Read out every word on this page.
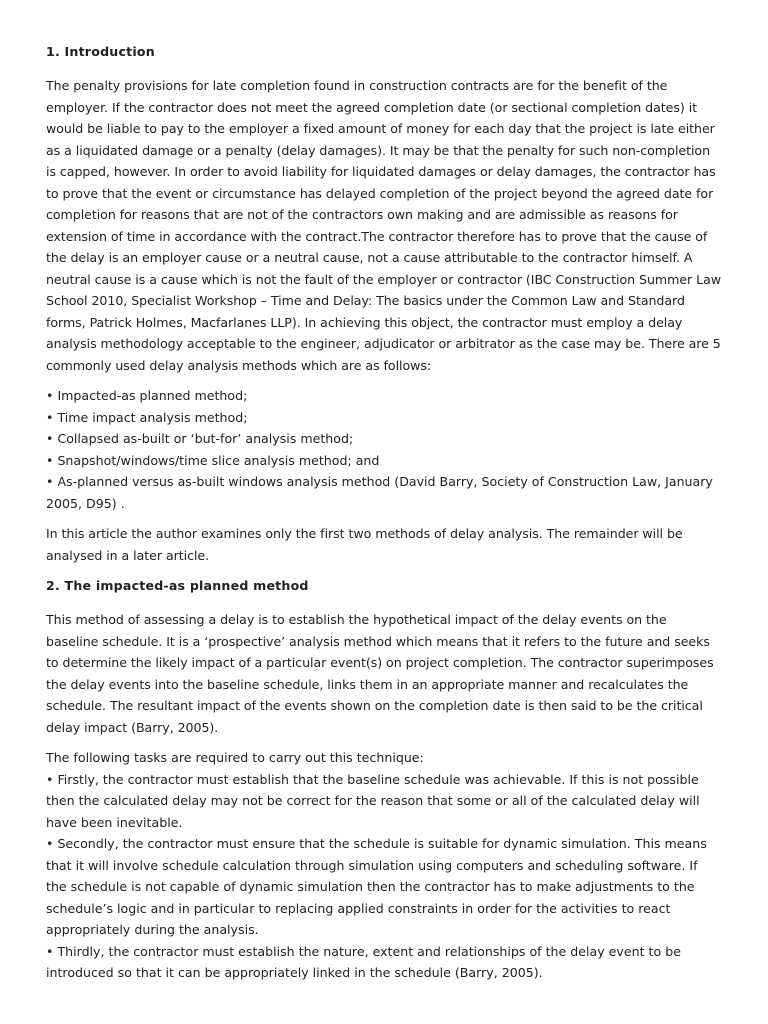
1. Introduction

The penalty provisions for late completion found in construction contracts are for the benefit of the employer. If the contractor does not meet the agreed completion date (or sectional completion dates) it would be liable to pay to the employer a fixed amount of money for each day that the project is late either as a liquidated damage or a penalty (delay damages). It may be that the penalty for such non-completion is capped, however. In order to avoid liability for liquidated damages or delay damages, the contractor has to prove that the event or circumstance has delayed completion of the project beyond the agreed date for completion for reasons that are not of the contractors own making and are admissible as reasons for extension of time in accordance with the contract.The contractor therefore has to prove that the cause of the delay is an employer cause or a neutral cause, not a cause attributable to the contractor himself. A neutral cause is a cause which is not the fault of the employer or contractor (IBC Construction Summer Law School 2010, Specialist Workshop – Time and Delay: The basics under the Common Law and Standard forms, Patrick Holmes, Macfarlanes LLP). In achieving this object, the contractor must employ a delay analysis methodology acceptable to the engineer, adjudicator or arbitrator as the case may be. There are 5 commonly used delay analysis methods which are as follows:

• Impacted-as planned method;
• Time impact analysis method;
• Collapsed as-built or ‘but-for’ analysis method;
• Snapshot/windows/time slice analysis method; and
• As-planned versus as-built windows analysis method (David Barry, Society of Construction Law, January 2005, D95) .

In this article the author examines only the first two methods of delay analysis. The remainder will be analysed in a later article.

2. The impacted-as planned method

This method of assessing a delay is to establish the hypothetical impact of the delay events on the baseline schedule. It is a ‘prospective’ analysis method which means that it refers to the future and seeks to determine the likely impact of a particular event(s) on project completion. The contractor superimposes the delay events into the baseline schedule, links them in an appropriate manner and recalculates the schedule. The resultant impact of the events shown on the completion date is then said to be the critical delay impact (Barry, 2005).

The following tasks are required to carry out this technique:

• Firstly, the contractor must establish that the baseline schedule was achievable. If this is not possible then the calculated delay may not be correct for the reason that some or all of the calculated delay will have been inevitable.
• Secondly, the contractor must ensure that the schedule is suitable for dynamic simulation. This means that it will involve schedule calculation through simulation using computers and scheduling software. If the schedule is not capable of dynamic simulation then the contractor has to make adjustments to the schedule’s logic and in particular to replacing applied constraints in order for the activities to react appropriately during the analysis.
• Thirdly, the contractor must establish the nature, extent and relationships of the delay event to be introduced so that it can be appropriately linked in the schedule (Barry, 2005).
